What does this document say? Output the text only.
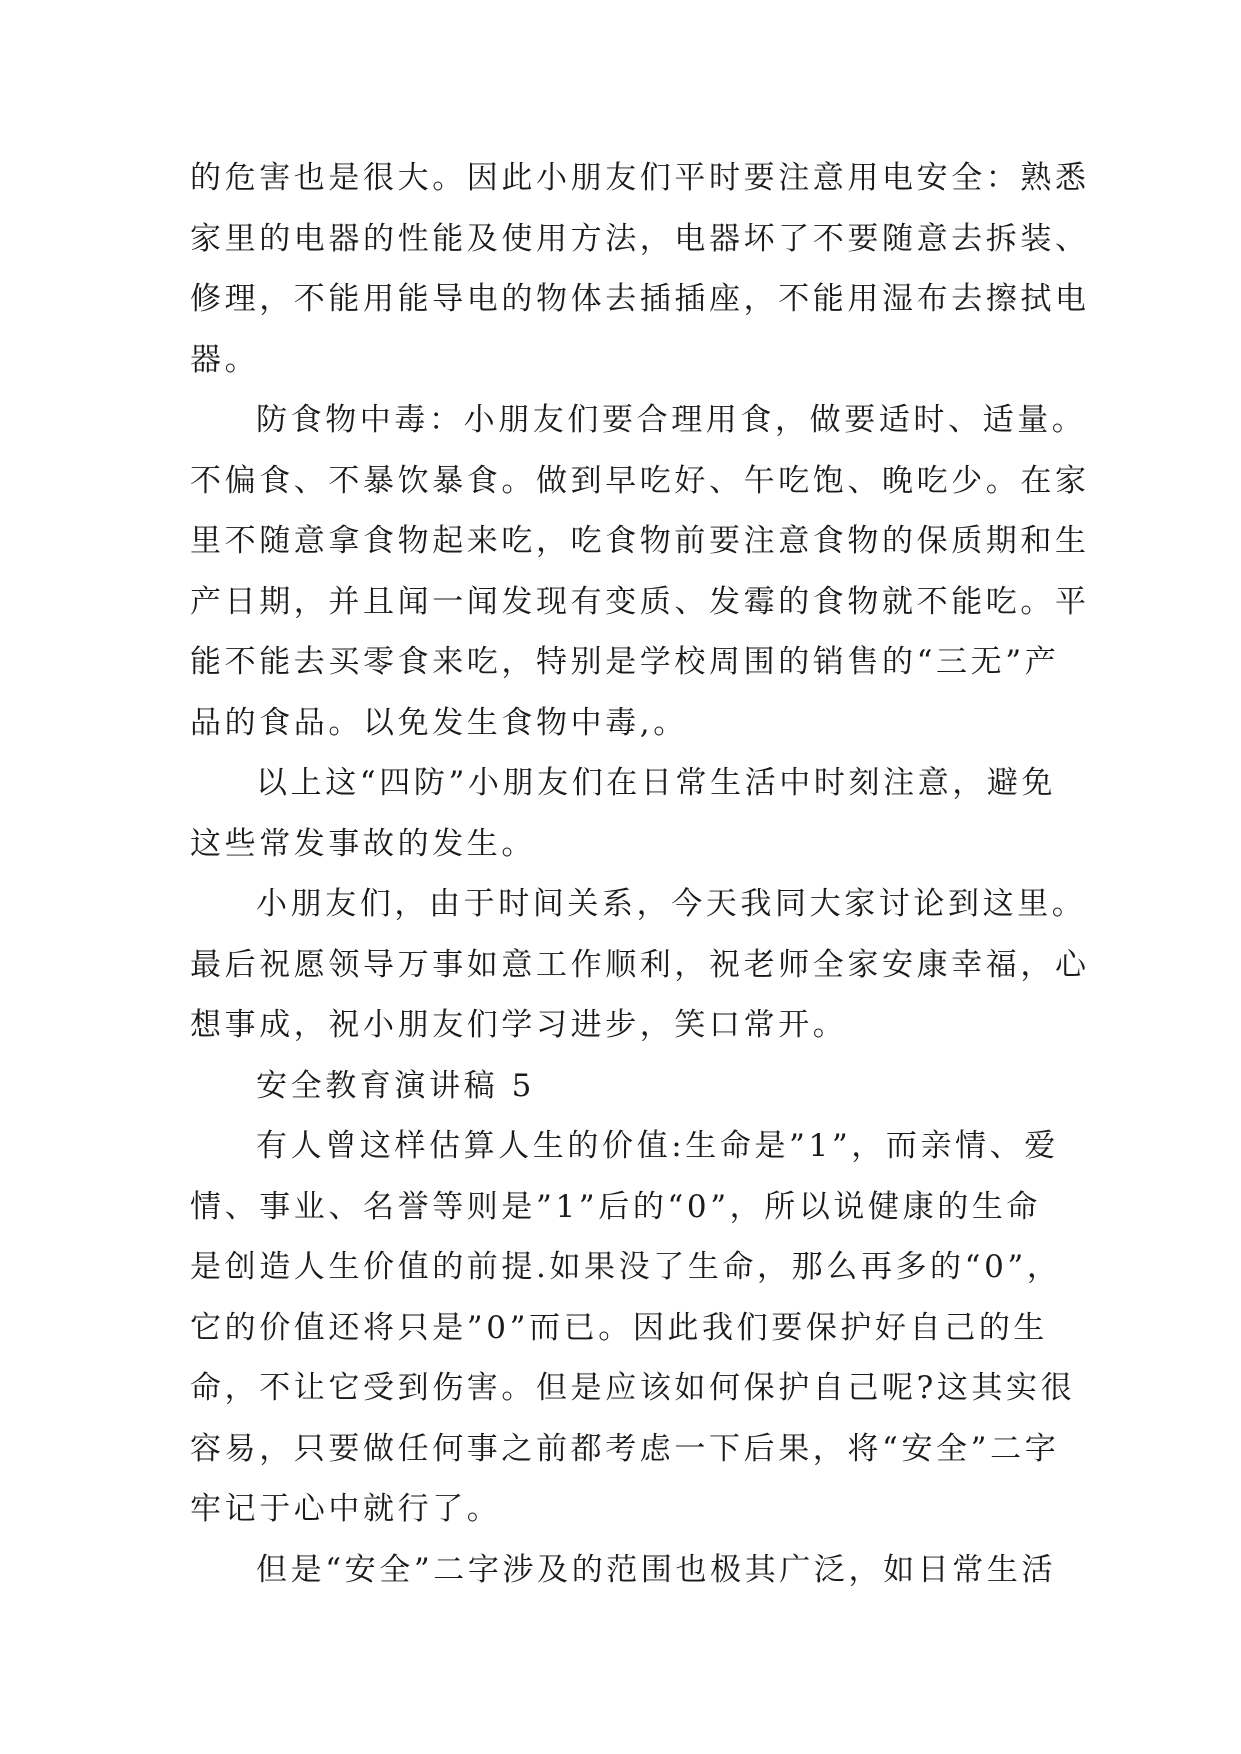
的危害也是很大。因此小朋友们平时要注意用电安全：熟悉
家里的电器的性能及使用方法，电器坏了不要随意去拆装、
修理，不能用能导电的物体去插插座，不能用湿布去擦拭电
器。
防食物中毒：小朋友们要合理用食，做要适时、适量。
不偏食、不暴饮暴食。做到早吃好、午吃饱、晚吃少。在家
里不随意拿食物起来吃，吃食物前要注意食物的保质期和生
产日期，并且闻一闻发现有变质、发霉的食物就不能吃。平
能不能去买零食来吃，特别是学校周围的销售的“三无”产
品的食品。以免发生食物中毒,。
以上这“四防”小朋友们在日常生活中时刻注意，避免
这些常发事故的发生。
小朋友们，由于时间关系，今天我同大家讨论到这里。
最后祝愿领导万事如意工作顺利，祝老师全家安康幸福，心
想事成，祝小朋友们学习进步，笑口常开。
安全教育演讲稿 5
有人曾这样估算人生的价值:生命是”1”，而亲情、爱
情、事业、名誉等则是”1”后的“0”，所以说健康的生命
是创造人生价值的前提.如果没了生命，那么再多的“0”，
它的价值还将只是”0”而已。因此我们要保护好自己的生
命，不让它受到伤害。但是应该如何保护自己呢?这其实很
容易，只要做任何事之前都考虑一下后果，将“安全”二字
牢记于心中就行了。
但是“安全”二字涉及的范围也极其广泛，如日常生活
